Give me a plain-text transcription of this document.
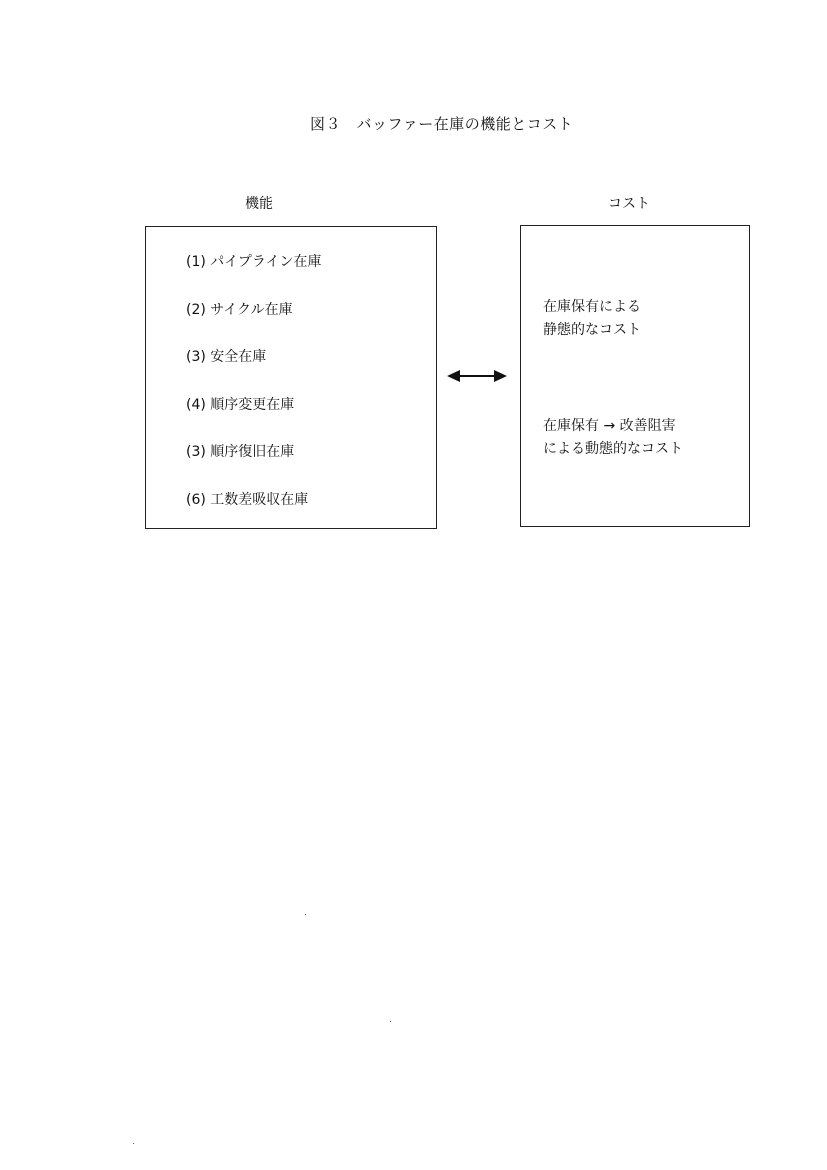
図３　バッファー在庫の機能とコスト
機能	コスト
(1) パイプライン在庫
(2) サイクル在庫
(3) 安全在庫
(4) 順序変更在庫
(3) 順序復旧在庫
(6) 工数差吸収在庫
在庫保有による
静態的なコスト
在庫保有 → 改善阻害
による動態的なコスト
